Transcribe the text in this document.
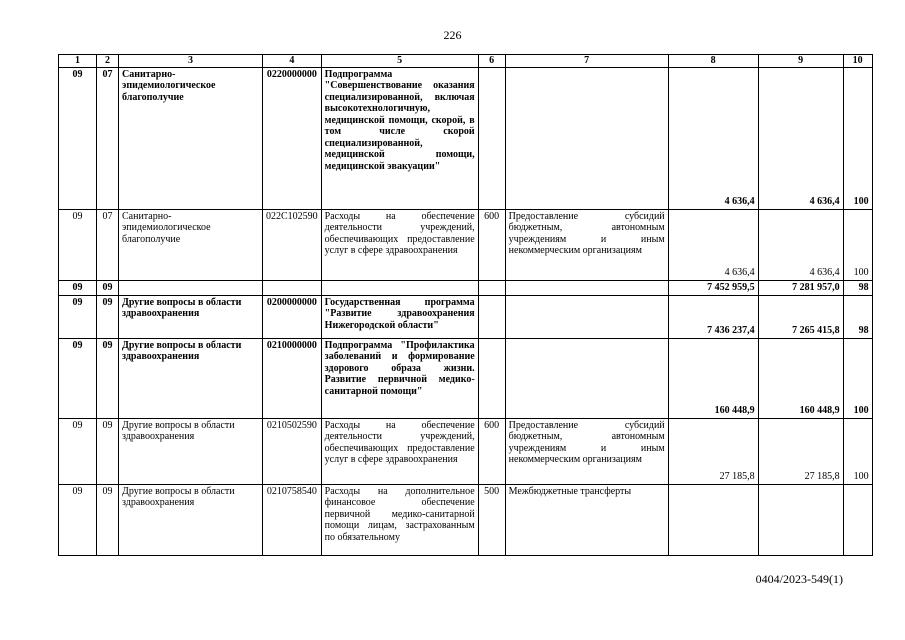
226
1	2	3	4	5	6	7	8	9	10
09	07	Санитарно-эпидемиологическое благополучие	0220000000	Подпрограмма "Совершенствование оказания специализированной, включая высокотехнологичную, медицинской помощи, скорой, в том числе скорой специализированной, медицинской помощи, медицинской эвакуации"			4 636,4	4 636,4	100
09	07	Санитарно-эпидемиологическое благополучие	022С102590	Расходы на обеспечение деятельности учреждений, обеспечивающих предоставление услуг в сфере здравоохранения	600	Предоставление субсидий бюджетным, автономным учреждениям и иным некоммерческим организациям	4 636,4	4 636,4	100
09	09						7 452 959,5	7 281 957,0	98
09	09	Другие вопросы в области здравоохранения	0200000000	Государственная программа "Развитие здравоохранения Нижегородской области"			7 436 237,4	7 265 415,8	98
09	09	Другие вопросы в области здравоохранения	0210000000	Подпрограмма "Профилактика заболеваний и формирование здорового образа жизни. Развитие первичной медико-санитарной помощи"			160 448,9	160 448,9	100
09	09	Другие вопросы в области здравоохранения	0210502590	Расходы на обеспечение деятельности учреждений, обеспечивающих предоставление услуг в сфере здравоохранения	600	Предоставление субсидий бюджетным, автономным учреждениям и иным некоммерческим организациям	27 185,8	27 185,8	100

09	09	Другие вопросы в области здравоохранения	0210758540	Расходы на дополнительное финансовое обеспечение первичной медико-санитарной помощи лицам, застрахованным по обязательному	500	Межбюджетные трансферты			

0404/2023-549(1)
